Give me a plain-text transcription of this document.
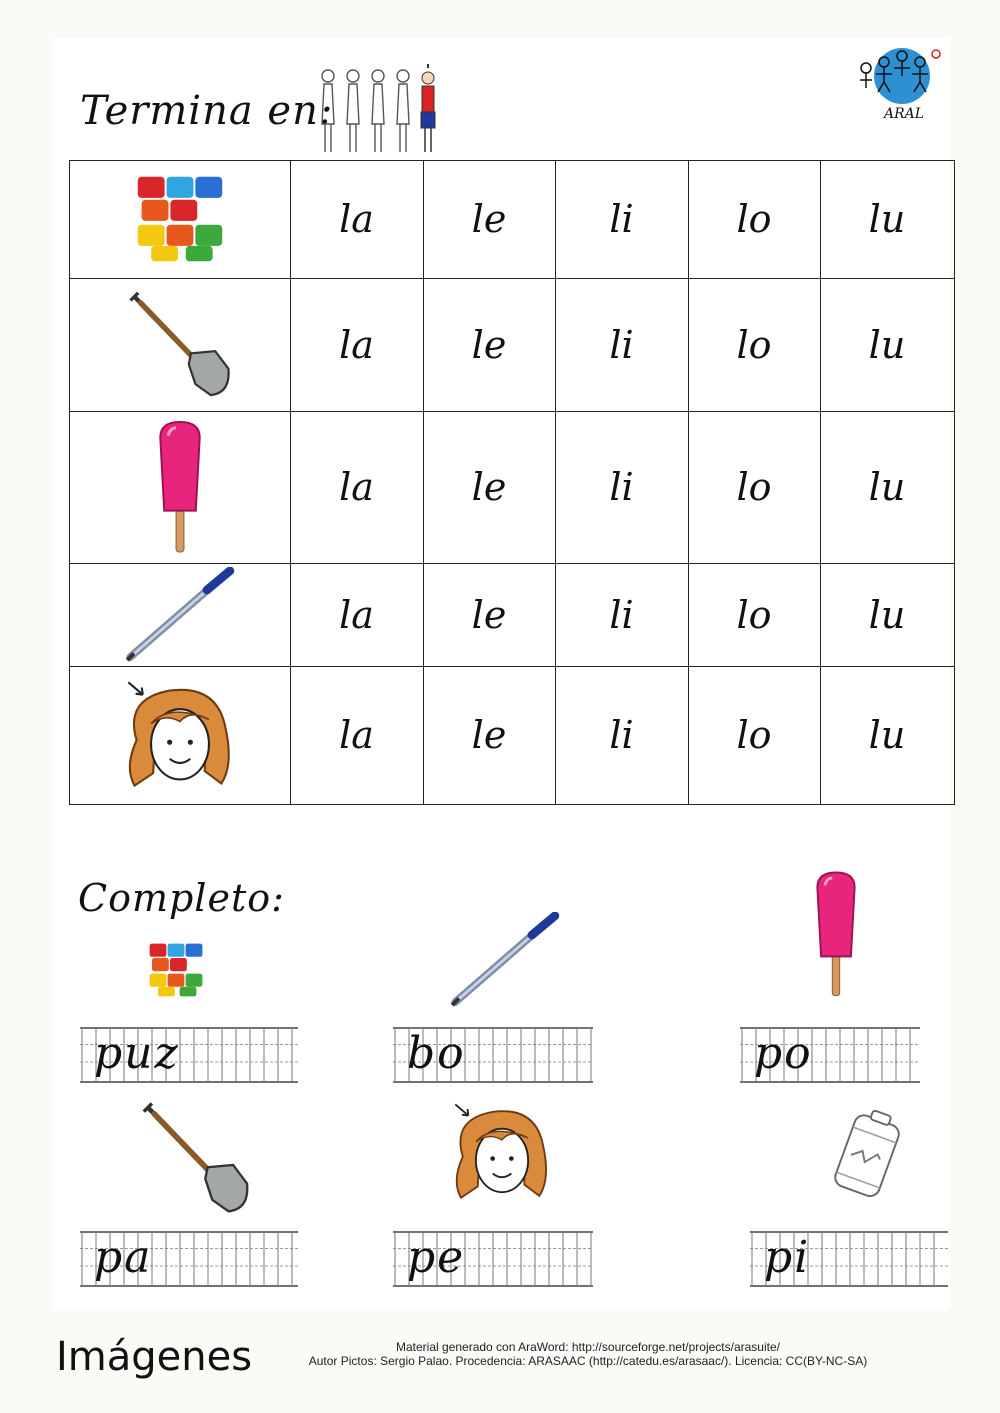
Termina en:	ARAL
la	le	li	lo	lu
la	le	li	lo	lu
la	le	li	lo	lu
la	le	li	lo	lu
la	le	li	lo	lu
Completo:
puz	bo	po
pa	pe	pi
Imágenes	Material generado con AraWord: http://sourceforge.net/projects/arasuite/
Autor Pictos: Sergio Palao. Procedencia: ARASAAC (http://catedu.es/arasaac/). Licencia: CC(BY-NC-SA)
